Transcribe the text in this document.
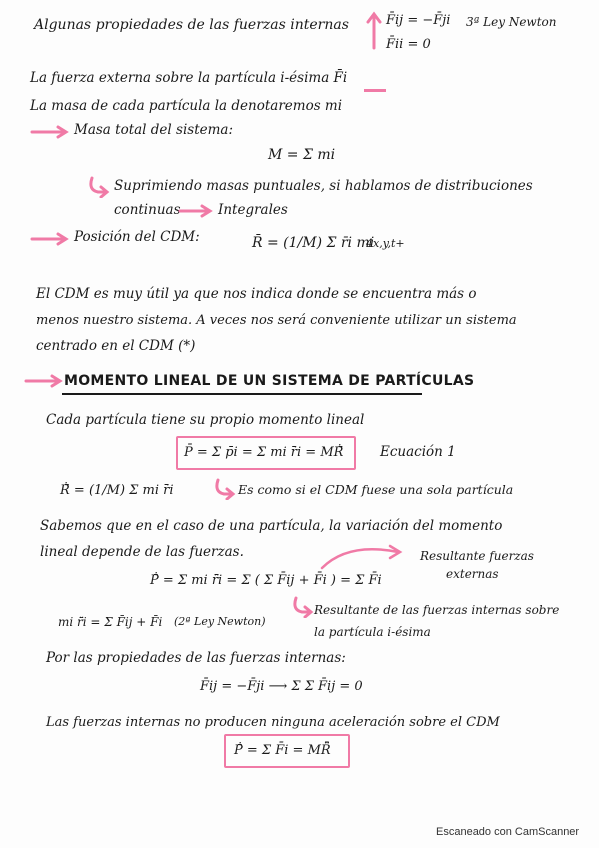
Algunas propiedades de las fuerzas internas	F̄ij = −F̄ji 3ª Ley Newton
F̄ii = 0
La fuerza externa sobre la partícula i-ésima F̄i
La masa de cada partícula la denotaremos mi
Masa total del sistema:
M = Σ mi
Suprimiendo masas puntuales, si hablamos de distribuciones
continuas	Integrales
Posición del CDM:	R̄ = (1/M) Σ r̄i mi
4x,y,t+
El CDM es muy útil ya que nos indica donde se encuentra más o
menos nuestro sistema. A veces nos será conveniente utilizar un sistema
centrado en el CDM (*)
MOMENTO LINEAL DE UN SISTEMA DE PARTÍCULAS
Cada partícula tiene su propio momento lineal
P̄ = Σ p̄i = Σ mi ṙ̄i = MṘ̄	Ecuación 1
Ṙ̄ = (1/M) Σ mi ṙ̄i	Es como si el CDM fuese una sola partícula
Sabemos que en el caso de una partícula, la variación del momento
lineal depende de las fuerzas.	Resultante fuerzas
externas
Ṗ̄ = Σ mi r̈̄i = Σ ( Σ F̄ij + F̄i ) = Σ F̄i
mi r̈̄i = Σ F̄ij + F̄i (2ª Ley Newton)
Resultante de las fuerzas internas sobre
la partícula i-ésima
Por las propiedades de las fuerzas internas:
F̄ij = −F̄ji ⟶ Σ Σ F̄ij = 0
Las fuerzas internas no producen ninguna aceleración sobre el CDM
Ṗ̄ = Σ F̄i = MR̈̄
Escaneado con CamScanner
